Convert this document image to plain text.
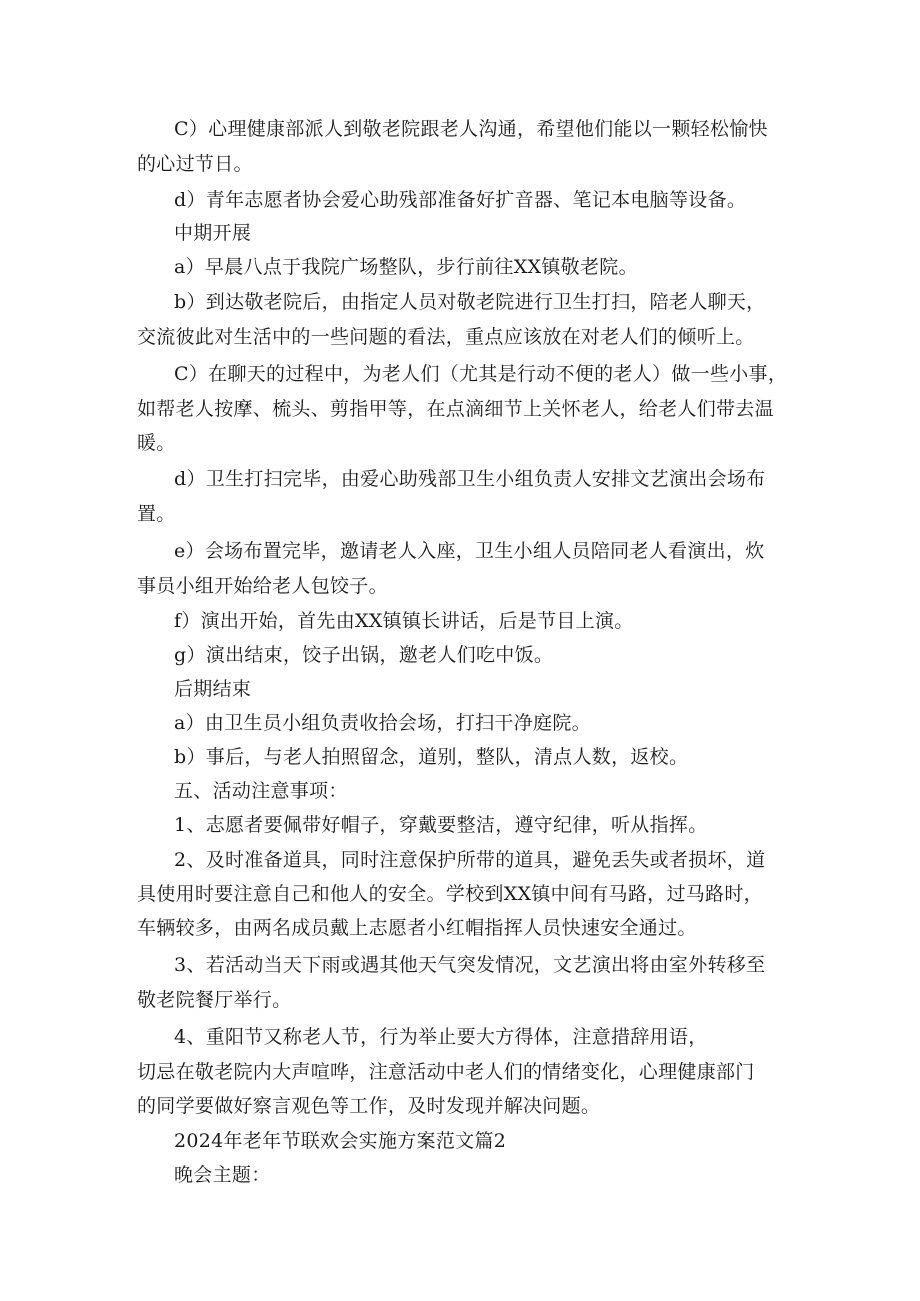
C）心理健康部派人到敬老院跟老人沟通，希望他们能以一颗轻松愉快
的心过节日。
d）青年志愿者协会爱心助残部准备好扩音器、笔记本电脑等设备。
中期开展
a）早晨八点于我院广场整队，步行前往XX镇敬老院。
b）到达敬老院后，由指定人员对敬老院进行卫生打扫，陪老人聊天，
交流彼此对生活中的一些问题的看法，重点应该放在对老人们的倾听上。
C）在聊天的过程中，为老人们（尤其是行动不便的老人）做一些小事，
如帮老人按摩、梳头、剪指甲等，在点滴细节上关怀老人，给老人们带去温
暖。
d）卫生打扫完毕，由爱心助残部卫生小组负责人安排文艺演出会场布
置。
e）会场布置完毕，邀请老人入座，卫生小组人员陪同老人看演出，炊
事员小组开始给老人包饺子。
f）演出开始，首先由XX镇镇长讲话，后是节目上演。
g）演出结束，饺子出锅，邀老人们吃中饭。
后期结束
a）由卫生员小组负责收拾会场，打扫干净庭院。
b）事后，与老人拍照留念，道别，整队，清点人数，返校。
五、活动注意事项：
1、志愿者要佩带好帽子，穿戴要整洁，遵守纪律，听从指挥。
2、及时准备道具，同时注意保护所带的道具，避免丢失或者损坏，道
具使用时要注意自己和他人的安全。学校到XX镇中间有马路，过马路时，
车辆较多，由两名成员戴上志愿者小红帽指挥人员快速安全通过。
3、若活动当天下雨或遇其他天气突发情况，文艺演出将由室外转移至
敬老院餐厅举行。
4、重阳节又称老人节，行为举止要大方得体，注意措辞用语，
切忌在敬老院内大声喧哗，注意活动中老人们的情绪变化，心理健康部门
的同学要做好察言观色等工作，及时发现并解决问题。
2024年老年节联欢会实施方案范文篇2
晚会主题：
